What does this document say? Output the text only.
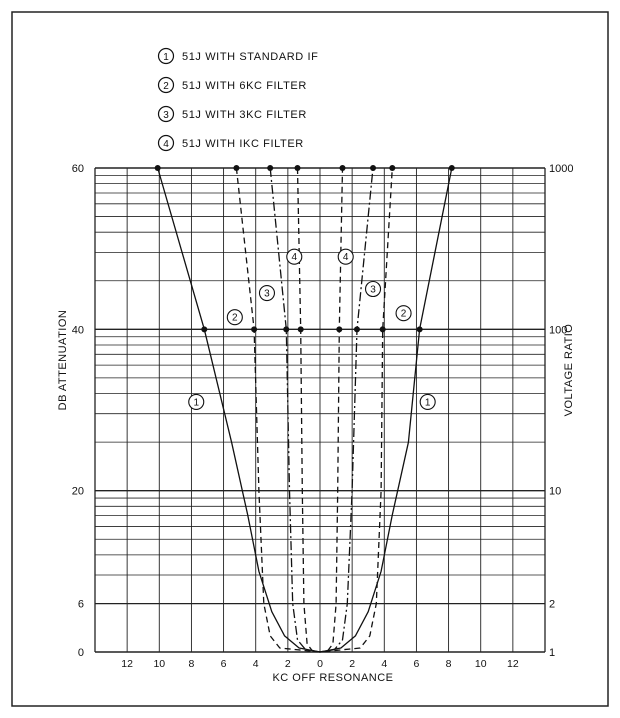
1 51J WITH STANDARD IF
2 51J WITH 6KC FILTER
3 51J WITH 3KC FILTER
4 51J WITH IKC FILTER
1	1
2	2
3	3
4	4
12 10 8	6	4	2	0	2	4	6	8 10 12
60
40
20
6
0
1000
100
10
2
1
KC OFF RESONANCE
DB ATTENUATION	VOLTAGE RATIO
